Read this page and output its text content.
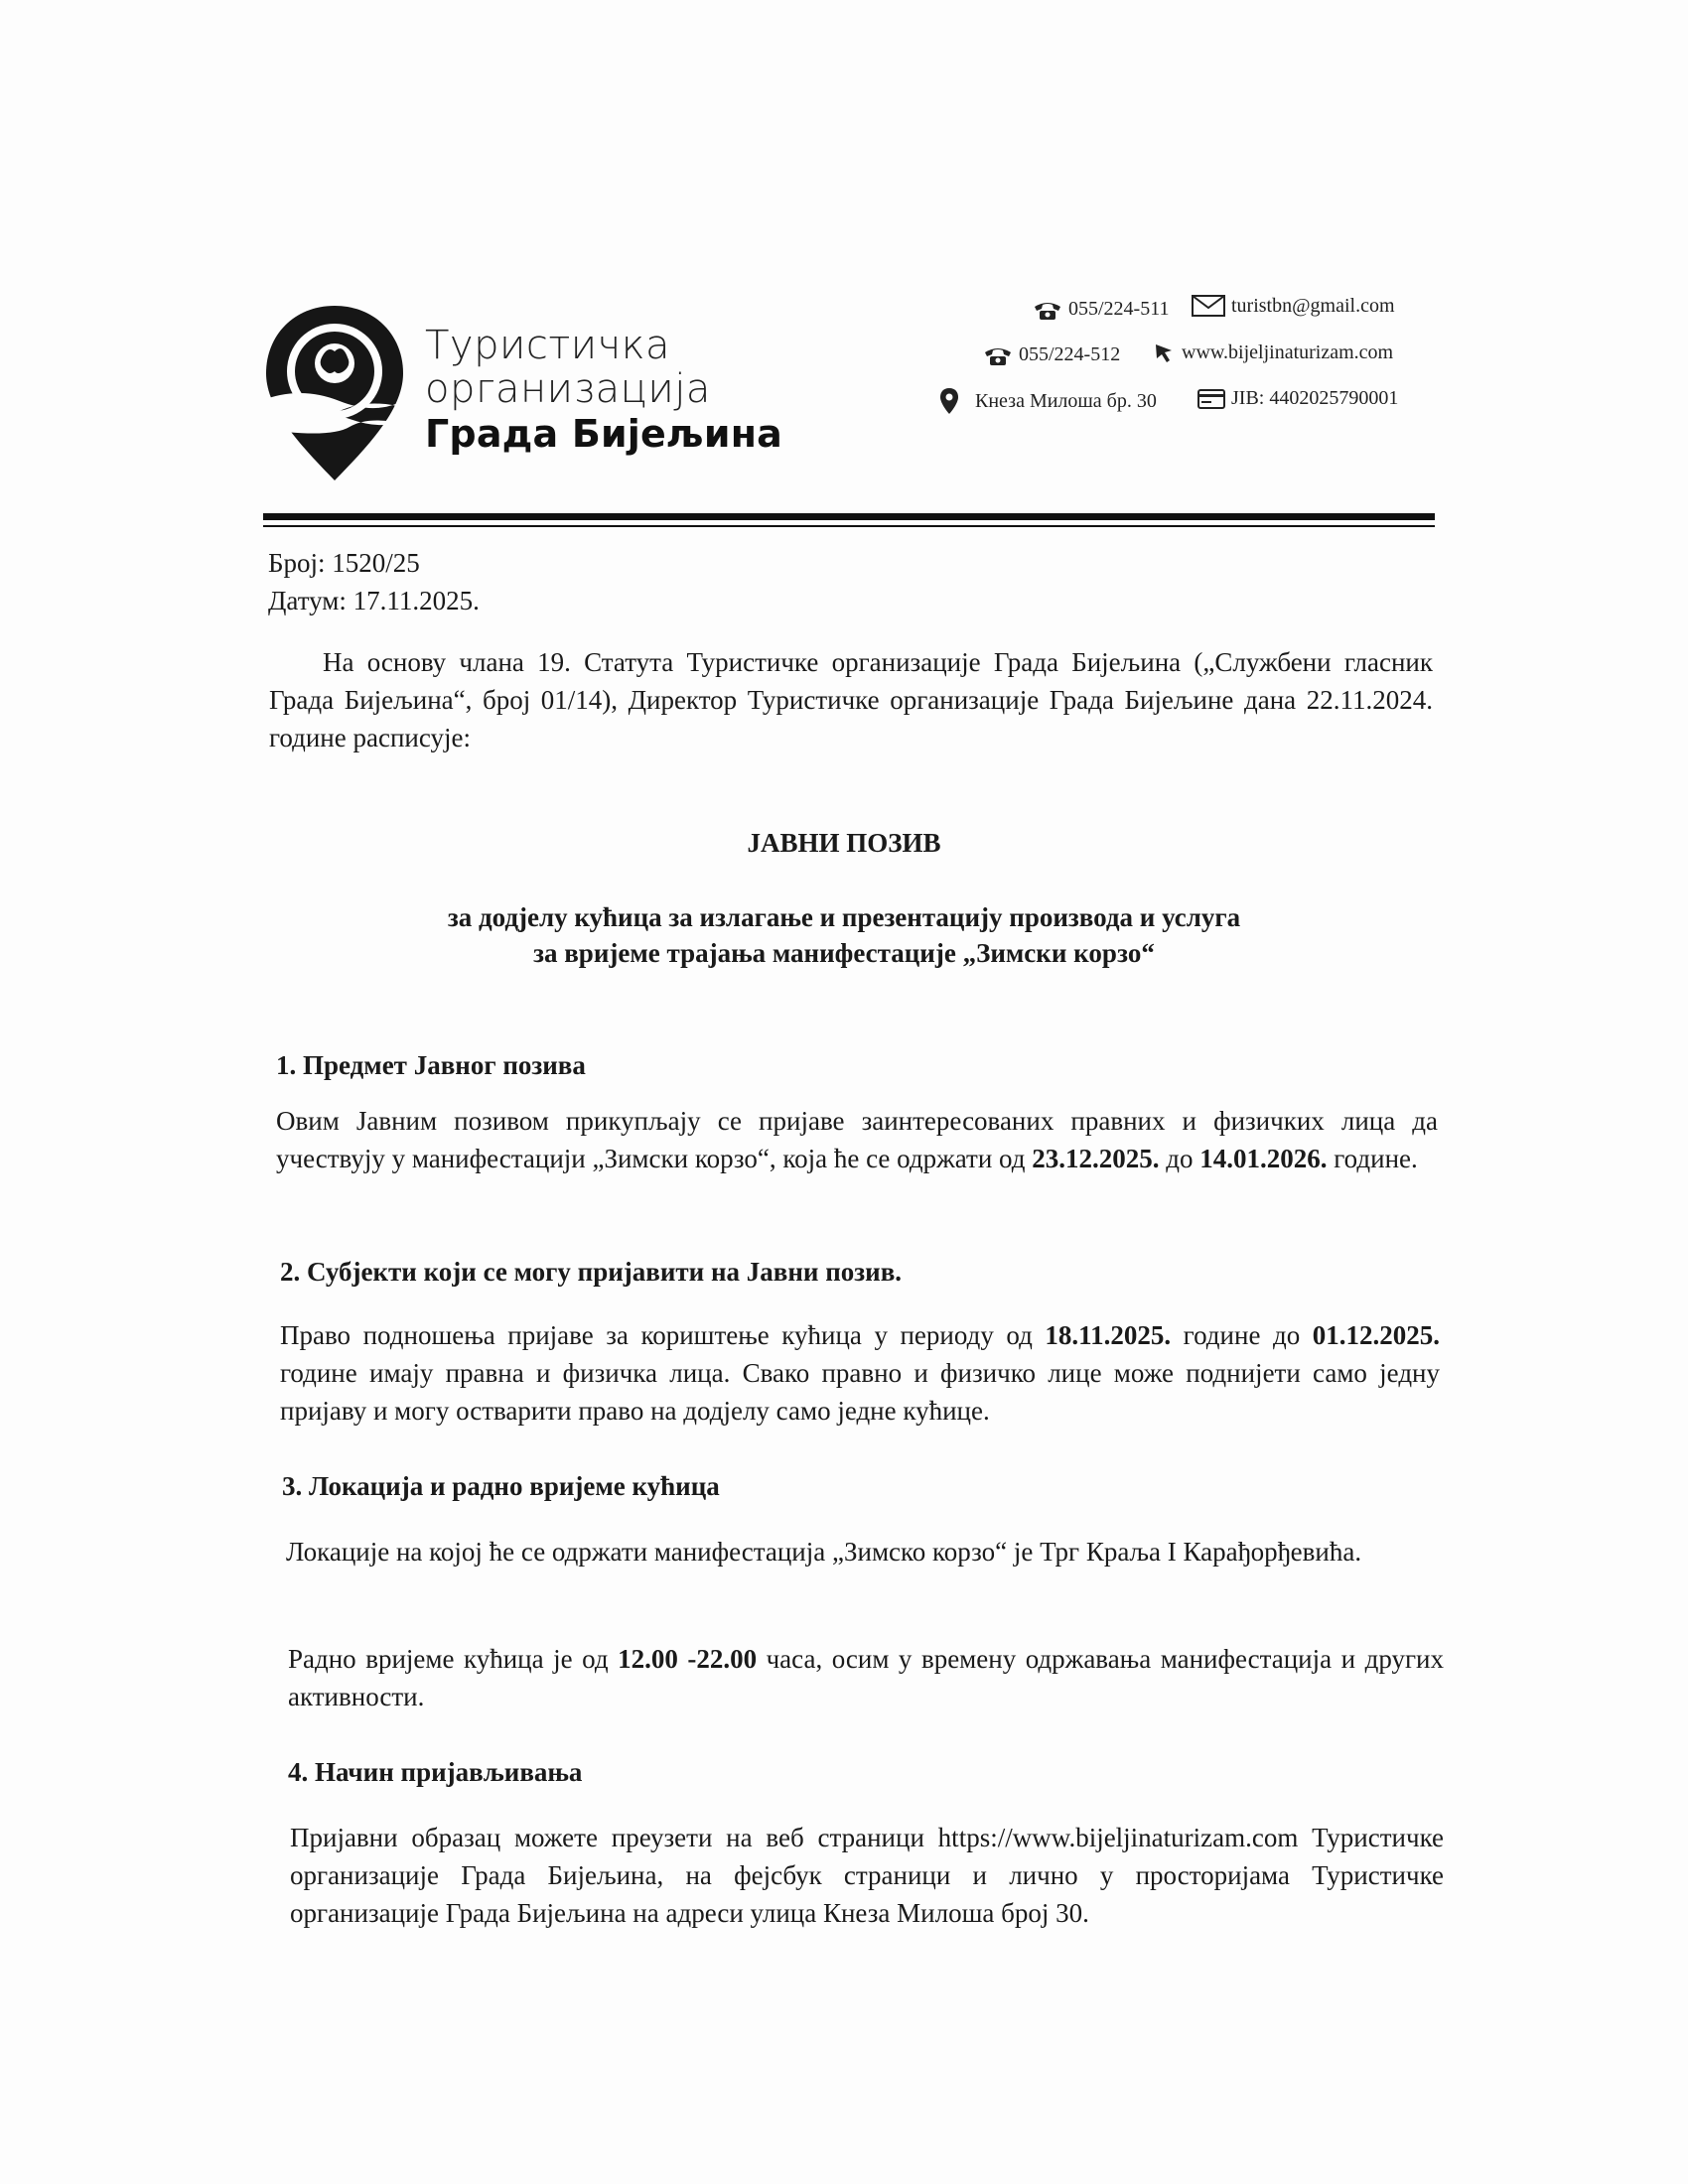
Туристичка
организација
Града Бијељина
055/224-511	turistbn@gmail.com
055/224-512	www.bijeljinaturizam.com
Кнеза Милоша бр. 30	JIB: 4402025790001
Број: 1520/25
Датум: 17.11.2025.

На основу члана 19. Статута Туристичке организације Града Бијељина („Службени гласник Града Бијељина“, број 01/14), Директор Туристичке организације Града Бијељине дана 22.11.2024. године расписује:

ЈАВНИ ПОЗИВ
за додјелу кућица за излагање и презентацију производа и услуга
за вријеме трајања манифестације „Зимски корзо“
1. Предмет Јавног позива

Овим Јавним позивом прикупљају се пријаве заинтересованих правних и физичких лица да учествују у манифестацији „Зимски корзо“, која ће се одржати од 23.12.2025. до 14.01.2026. године.

2. Субјекти који се могу пријавити на Јавни позив.

Право подношења пријаве за кориштење кућица у периоду од 18.11.2025. године до 01.12.2025. године имају правна и физичка лица. Свако правно и физичко лице може поднијети само једну пријаву и могу остварити право на додјелу само једне кућице.

3. Локација и радно вријеме кућица

Локације на којој ће се одржати манифестација „Зимско корзо“ је Трг Краља I Карађорђевића.

Радно вријеме кућица је од 12.00 -22.00 часа, осим у времену одржавања манифестација и других активности.

4. Начин пријављивања

Пријавни образац можете преузети на веб страници https://www.bijeljinaturizam.com Туристичке организације Града Бијељина, на фејсбук страници и лично у просторијама Туристичке организације Града Бијељина на адреси улица Кнеза Милоша број 30.
